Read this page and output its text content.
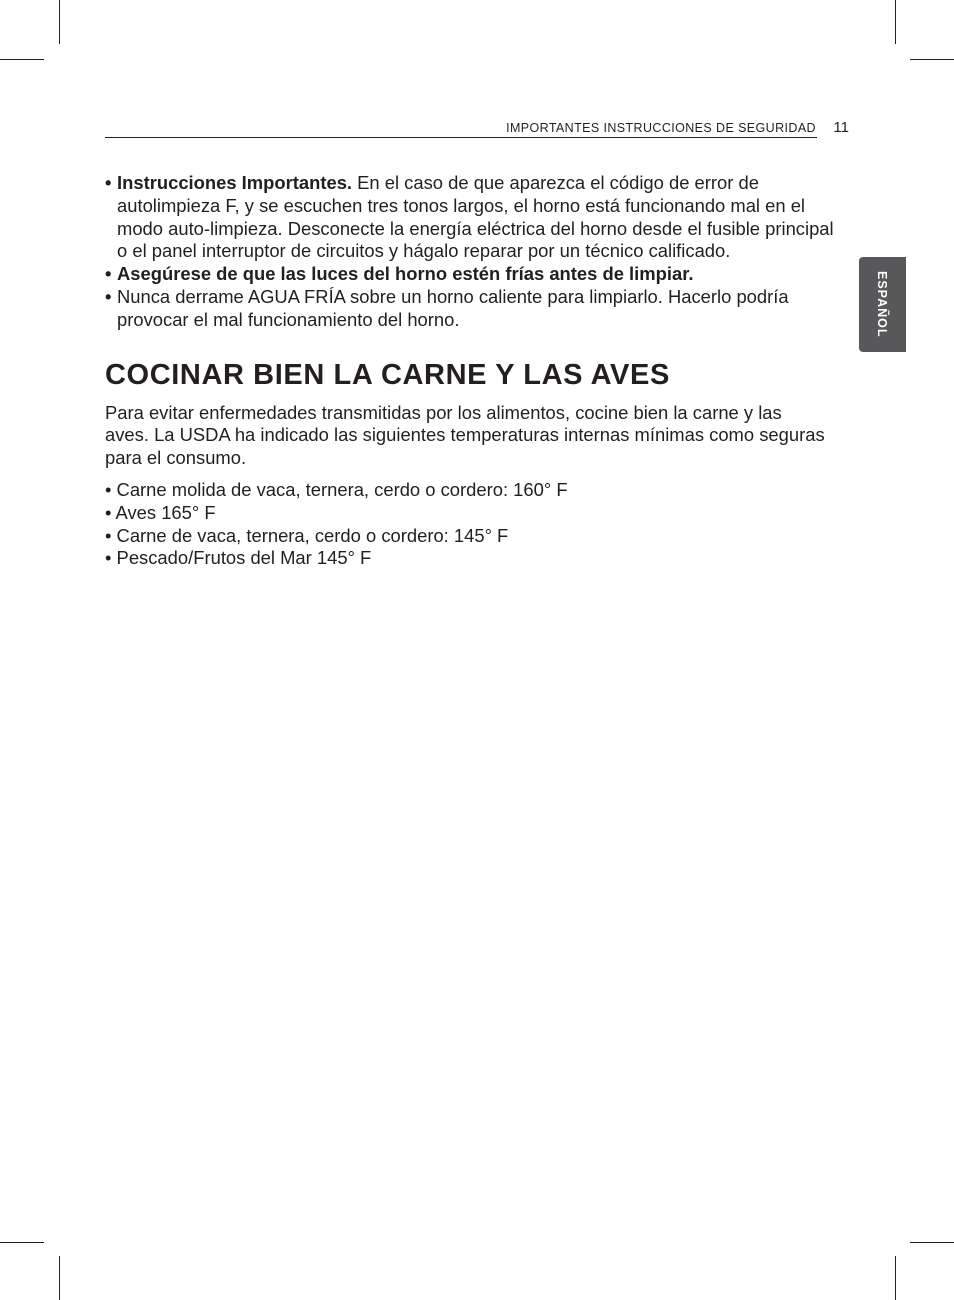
IMPORTANTES INSTRUCCIONES DE SEGURIDAD 11
ESPAÑOL
• Instrucciones Importantes. En el caso de que aparezca el código de error de autolimpieza F, y se escuchen tres tonos largos, el horno está funcionando mal en el modo auto-limpieza. Desconecte la energía eléctrica del horno desde el fusible principal o el panel interruptor de circuitos y hágalo reparar por un técnico calificado.
• Asegúrese de que las luces del horno estén frías antes de limpiar.
• Nunca derrame AGUA FRÍA sobre un horno caliente para limpiarlo. Hacerlo podría provocar el mal funcionamiento del horno.
COCINAR BIEN LA CARNE Y LAS AVES

Para evitar enfermedades transmitidas por los alimentos, cocine bien la carne y las aves. La USDA ha indicado las siguientes temperaturas internas mínimas como seguras para el consumo.

• Carne molida de vaca, ternera, cerdo o cordero: 160° F
• Aves 165° F
• Carne de vaca, ternera, cerdo o cordero: 145° F
• Pescado/Frutos del Mar 145° F
